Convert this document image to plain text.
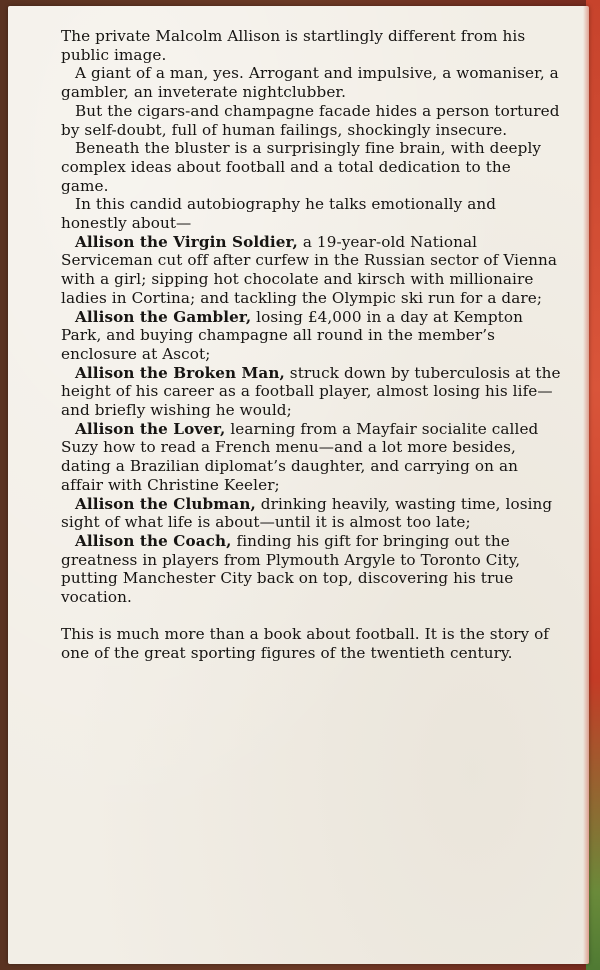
The private Malcolm Allison is startlingly different from his public image.

A giant of a man, yes. Arrogant and impulsive, a womaniser, a gambler, an inveterate nightclubber.

But the cigars-and champagne facade hides a person tortured by self-doubt, full of human failings, shockingly insecure.

Beneath the bluster is a surprisingly fine brain, with deeply complex ideas about football and a total dedication to the game.

In this candid autobiography he talks emotionally and honestly about—

Allison the Virgin Soldier, a 19-year-old National Serviceman cut off after curfew in the Russian sector of Vienna with a girl; sipping hot chocolate and kirsch with millionaire ladies in Cortina; and tackling the Olympic ski run for a dare;

Allison the Gambler, losing £4,000 in a day at Kempton Park, and buying champagne all round in the member’s enclosure at Ascot;

Allison the Broken Man, struck down by tuberculosis at the height of his career as a football player, almost losing his life—and briefly wishing he would;

Allison the Lover, learning from a Mayfair socialite called Suzy how to read a French menu—and a lot more besides, dating a Brazilian diplomat’s daughter, and carrying on an affair with Christine Keeler;

Allison the Clubman, drinking heavily, wasting time, losing sight of what life is about—until it is almost too late;

Allison the Coach, finding his gift for bringing out the greatness in players from Plymouth Argyle to Toronto City, putting Manchester City back on top, discovering his true vocation.

This is much more than a book about football. It is the story of one of the great sporting figures of the twentieth century.
